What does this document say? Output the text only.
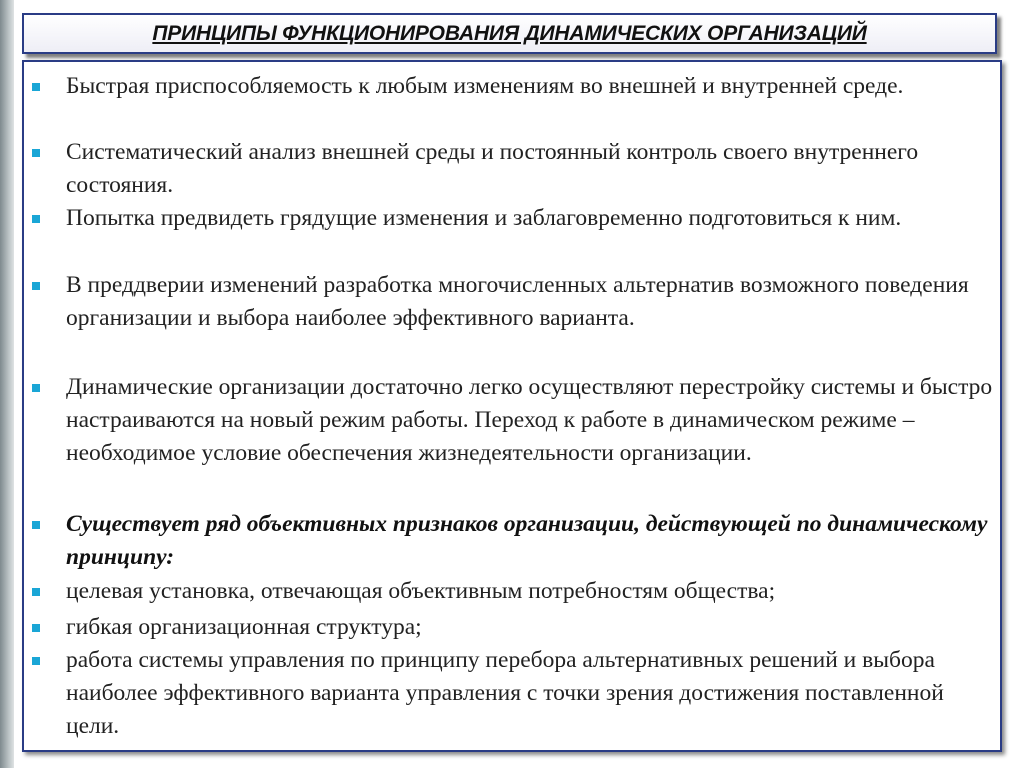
ПРИНЦИПЫ ФУНКЦИОНИРОВАНИЯ ДИНАМИЧЕСКИХ ОРГАНИЗАЦИЙ
Быстрая приспособляемость к любым изменениям во внешней и внутренней среде.
Систематический анализ внешней среды и постоянный контроль своего внутреннего состояния.
Попытка предвидеть грядущие изменения и заблаговременно подготовиться к ним.
В преддверии изменений разработка многочисленных альтернатив возможного поведения организации и выбора наиболее эффективного варианта.
Динамические организации достаточно легко осуществляют перестройку системы и быстро настраиваются на новый режим работы. Переход к работе в динамическом режиме – необходимое условие обеспечения жизнедеятельности организации.
Существует ряд объективных признаков организации, действующей по динамическому принципу:
целевая установка, отвечающая объективным потребностям общества;
гибкая организационная структура;
работа системы управления по принципу перебора альтернативных решений и выбора наиболее эффективного варианта управления с точки зрения достижения поставленной цели.
